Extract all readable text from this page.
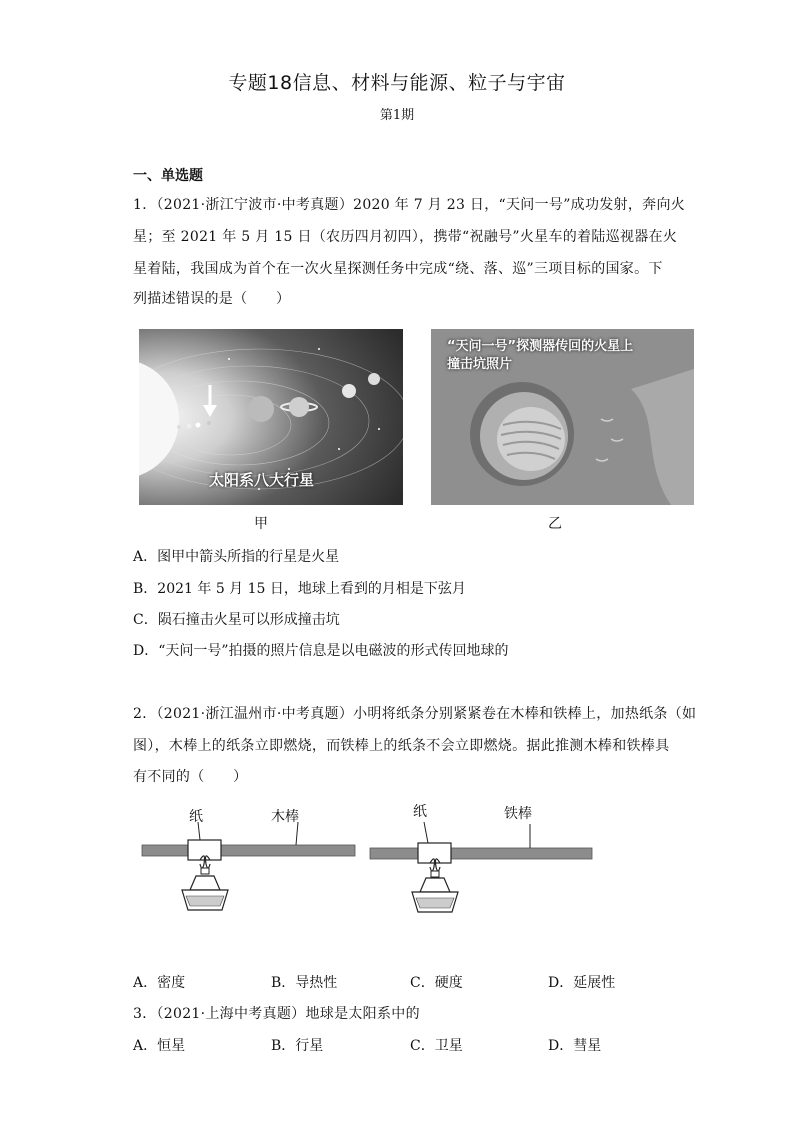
专题18信息、材料与能源、粒子与宇宙
第1期
一、单选题
1．（2021·浙江宁波市·中考真题）2020 年 7 月 23 日，“天问一号”成功发射，奔向火
星；至 2021 年 5 月 15 日（农历四月初四），携带“祝融号”火星车的着陆巡视器在火
星着陆，我国成为首个在一次火星探测任务中完成“绕、落、巡”三项目标的国家。下
列描述错误的是（　　）
太阳系八大行星
“天问一号”探测器传回的火星上
撞击坑照片
甲	乙
A．图甲中箭头所指的行星是火星
B．2021 年 5 月 15 日，地球上看到的月相是下弦月
C．陨石撞击火星可以形成撞击坑
D．“天问一号”拍摄的照片信息是以电磁波的形式传回地球的
2．（2021·浙江温州市·中考真题）小明将纸条分别紧紧卷在木棒和铁棒上，加热纸条（如
图），木棒上的纸条立即燃烧，而铁棒上的纸条不会立即燃烧。据此推测木棒和铁棒具
有不同的（　　）
纸	木棒	纸	铁棒
A．密度	B．导热性	C．硬度	D．延展性
3．（2021·上海中考真题）地球是太阳系中的
A．恒星	B．行星	C．卫星	D．彗星
